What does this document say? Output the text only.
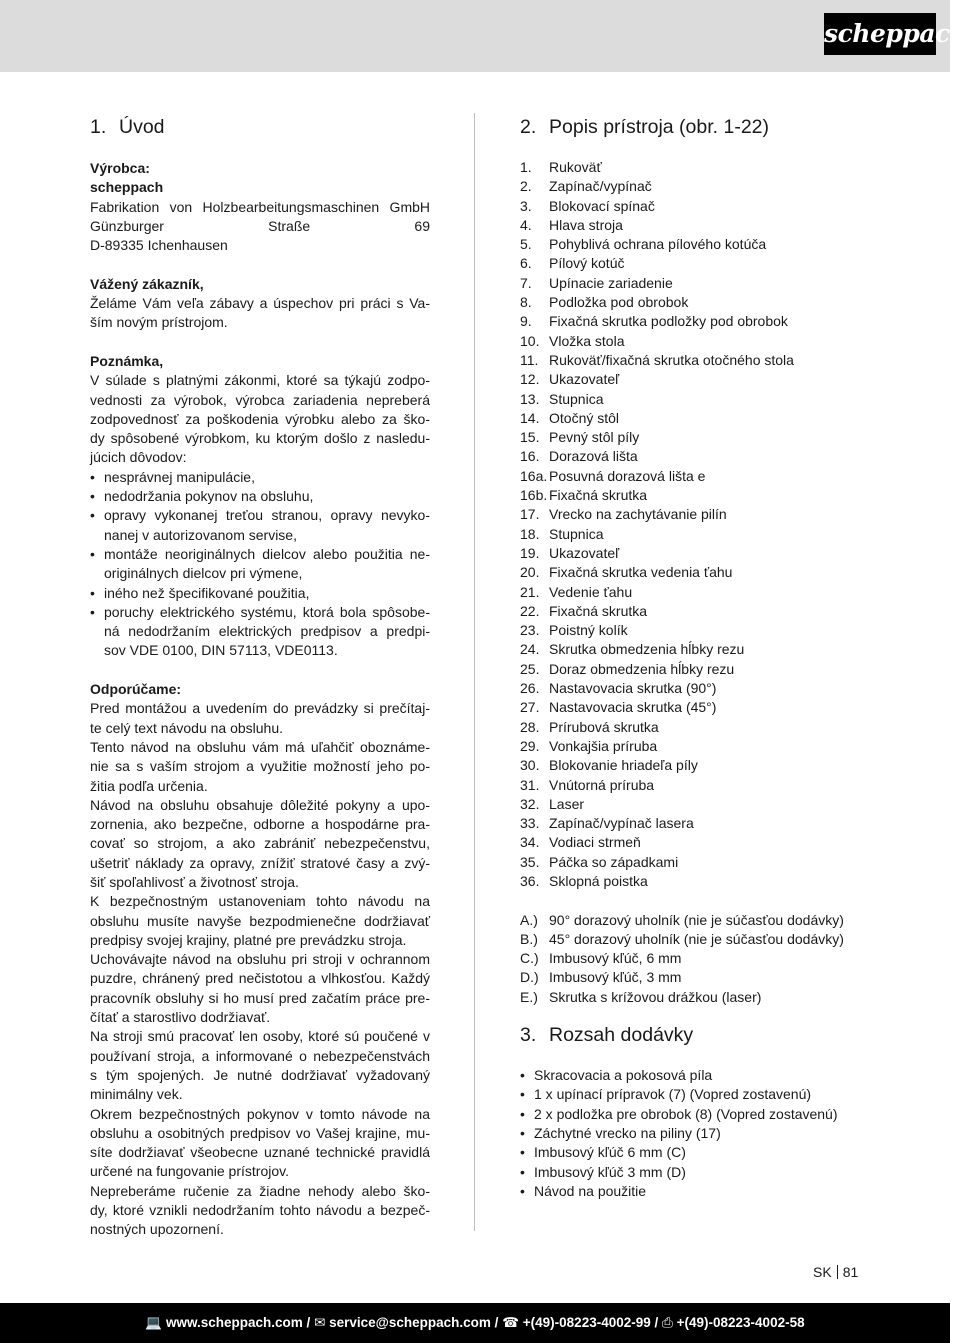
scheppach
1. Úvod
Výrobca:
scheppach
Fabrikation von Holzbearbeitungsmaschinen GmbH
Günzburger Straße 69
D-89335 Ichenhausen
Vážený zákazník,
Želáme Vám veľa zábavy a úspechov pri práci s Va-
ším novým prístrojom.
Poznámka,
V súlade s platnými zákonmi, ktoré sa týkajú zodpo-
vednosti za výrobok, výrobca zariadenia nepreberá
zodpovednosť za poškodenia výrobku alebo za ško-
dy spôsobené výrobkom, ku ktorým došlo z nasledu-
júcich dôvodov:
• nesprávnej manipulácie,
• nedodržania pokynov na obsluhu,
• opravy vykonanej treťou stranou, opravy nevyko-
nanej v autorizovanom servise,
• montáže neoriginálnych dielcov alebo použitia ne-
originálnych dielcov pri výmene,
• iného než špecifikované použitia,
• poruchy elektrického systému, ktorá bola spôsobe-
ná nedodržaním elektrických predpisov a predpi-
sov VDE 0100, DIN 57113, VDE0113.
Odporúčame:
Pred montážou a uvedením do prevádzky si prečítaj-
te celý text návodu na obsluhu.
Tento návod na obsluhu vám má uľahčiť oboznáme-
nie sa s vaším strojom a využitie možností jeho po-
žitia podľa určenia.
Návod na obsluhu obsahuje dôležité pokyny a upo-
zornenia, ako bezpečne, odborne a hospodárne pra-
covať so strojom, a ako zabrániť nebezpečenstvu,
ušetriť náklady za opravy, znížiť stratové časy a zvý-
šiť spoľahlivosť a životnosť stroja.
K bezpečnostným ustanoveniam tohto návodu na
obsluhu musíte navyše bezpodmienečne dodržiavať
predpisy svojej krajiny, platné pre prevádzku stroja.
Uchovávajte návod na obsluhu pri stroji v ochrannom
puzdre, chránený pred nečistotou a vlhkosťou. Každý
pracovník obsluhy si ho musí pred začatím práce pre-
čítať a starostlivo dodržiavať.
Na stroji smú pracovať len osoby, ktoré sú poučené v
používaní stroja, a informované o nebezpečenstvách
s tým spojených. Je nutné dodržiavať vyžadovaný
minimálny vek.
Okrem bezpečnostných pokynov v tomto návode na
obsluhu a osobitných predpisov vo Vašej krajine, mu-
síte dodržiavať všeobecne uznané technické pravidlá
určené na fungovanie prístrojov.
Nepreberáme ručenie za žiadne nehody alebo ško-
dy, ktoré vznikli nedodržaním tohto návodu a bezpeč-
nostných upozornení.
2. Popis prístroja (obr. 1-22)
1.	Rukoväť
2.	Zapínač/vypínač
3.	Blokovací spínač
4.	Hlava stroja
5.	Pohyblivá ochrana pílového kotúča
6.	Pílový kotúč
7.	Upínacie zariadenie
8.	Podložka pod obrobok
9.	Fixačná skrutka podložky pod obrobok
10. Vložka stola
11. Rukoväť/fixačná skrutka otočného stola
12. Ukazovateľ
13. Stupnica
14. Otočný stôl
15. Pevný stôl píly
16. Dorazová lišta
16a. Posuvná dorazová lišta e
16b. Fixačná skrutka
17. Vrecko na zachytávanie pilín
18. Stupnica
19. Ukazovateľ
20. Fixačná skrutka vedenia ťahu
21. Vedenie ťahu
22. Fixačná skrutka
23. Poistný kolík
24. Skrutka obmedzenia hĺbky rezu
25. Doraz obmedzenia hĺbky rezu
26. Nastavovacia skrutka (90°)
27. Nastavovacia skrutka (45°)
28. Prírubová skrutka
29. Vonkajšia príruba
30. Blokovanie hriadeľa píly
31. Vnútorná príruba
32. Laser
33. Zapínač/vypínač lasera
34. Vodiaci strmeň
35. Páčka so západkami
36. Sklopná poistka
A.) 90° dorazový uholník (nie je súčasťou dodávky)
B.) 45° dorazový uholník (nie je súčasťou dodávky)
C.) Imbusový kľúč, 6 mm
D.) Imbusový kľúč, 3 mm
E.) Skrutka s krížovou drážkou (laser)
3. Rozsah dodávky
• Skracovacia a pokosová píla
• 1 x upínací prípravok (7) (Vopred zostavenú)
• 2 x podložka pre obrobok (8) (Vopred zostavenú)
• Záchytné vrecko na piliny (17)
• Imbusový kľúč 6 mm (C)
• Imbusový kľúč 3 mm (D)
• Návod na použitie
SK 81
💻 www.scheppach.com / ✉ service@scheppach.com / ☎ +(49)-08223-4002-99 / ⎙ +(49)-08223-4002-58
